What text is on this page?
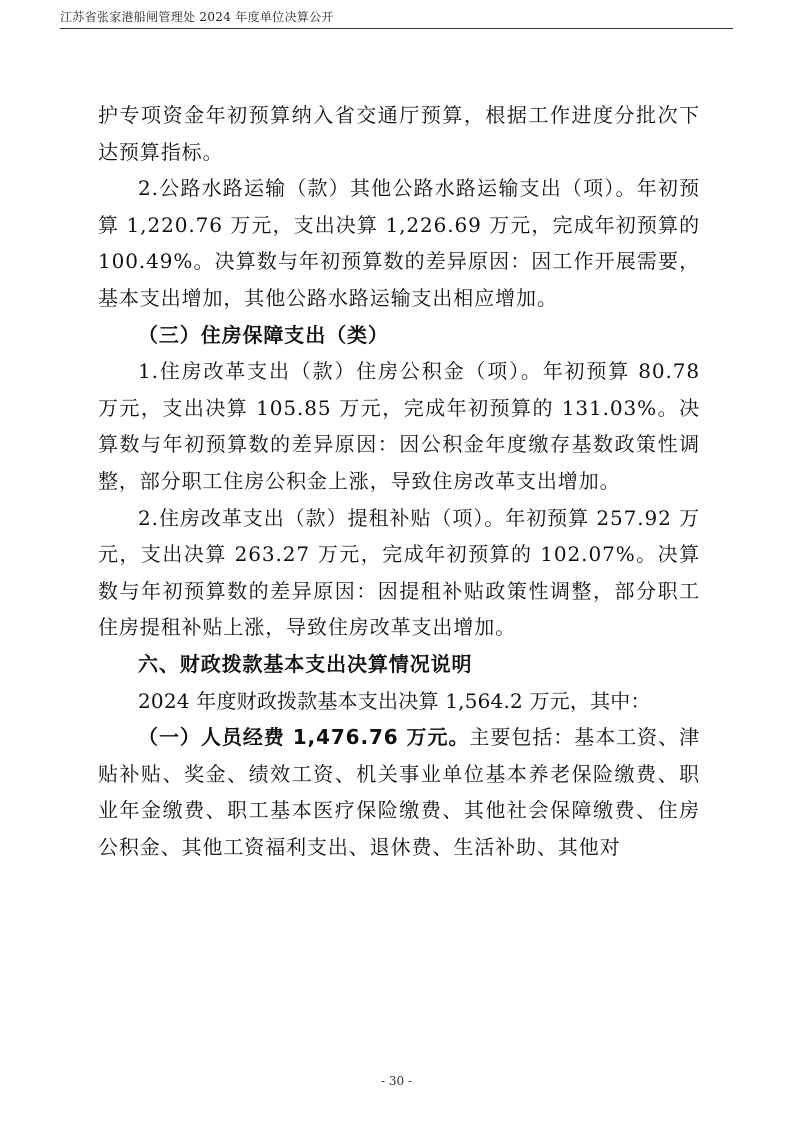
江苏省张家港船闸管理处 2024 年度单位决算公开

护专项资金年初预算纳入省交通厅预算，根据工作进度分批次下达预算指标。

2.公路水路运输（款）其他公路水路运输支出（项）。年初预算 1,220.76 万元，支出决算 1,226.69 万元，完成年初预算的 100.49%。决算数与年初预算数的差异原因：因工作开展需要，基本支出增加，其他公路水路运输支出相应增加。

（三）住房保障支出（类）

1.住房改革支出（款）住房公积金（项）。年初预算 80.78 万元，支出决算 105.85 万元，完成年初预算的 131.03%。决算数与年初预算数的差异原因：因公积金年度缴存基数政策性调整，部分职工住房公积金上涨，导致住房改革支出增加。

2.住房改革支出（款）提租补贴（项）。年初预算 257.92 万元，支出决算 263.27 万元，完成年初预算的 102.07%。决算数与年初预算数的差异原因：因提租补贴政策性调整，部分职工住房提租补贴上涨，导致住房改革支出增加。

六、财政拨款基本支出决算情况说明

2024 年度财政拨款基本支出决算 1,564.2 万元，其中：

（一）人员经费 1,476.76 万元。主要包括：基本工资、津贴补贴、奖金、绩效工资、机关事业单位基本养老保险缴费、职业年金缴费、职工基本医疗保险缴费、其他社会保障缴费、住房公积金、其他工资福利支出、退休费、生活补助、其他对

- 30 -
